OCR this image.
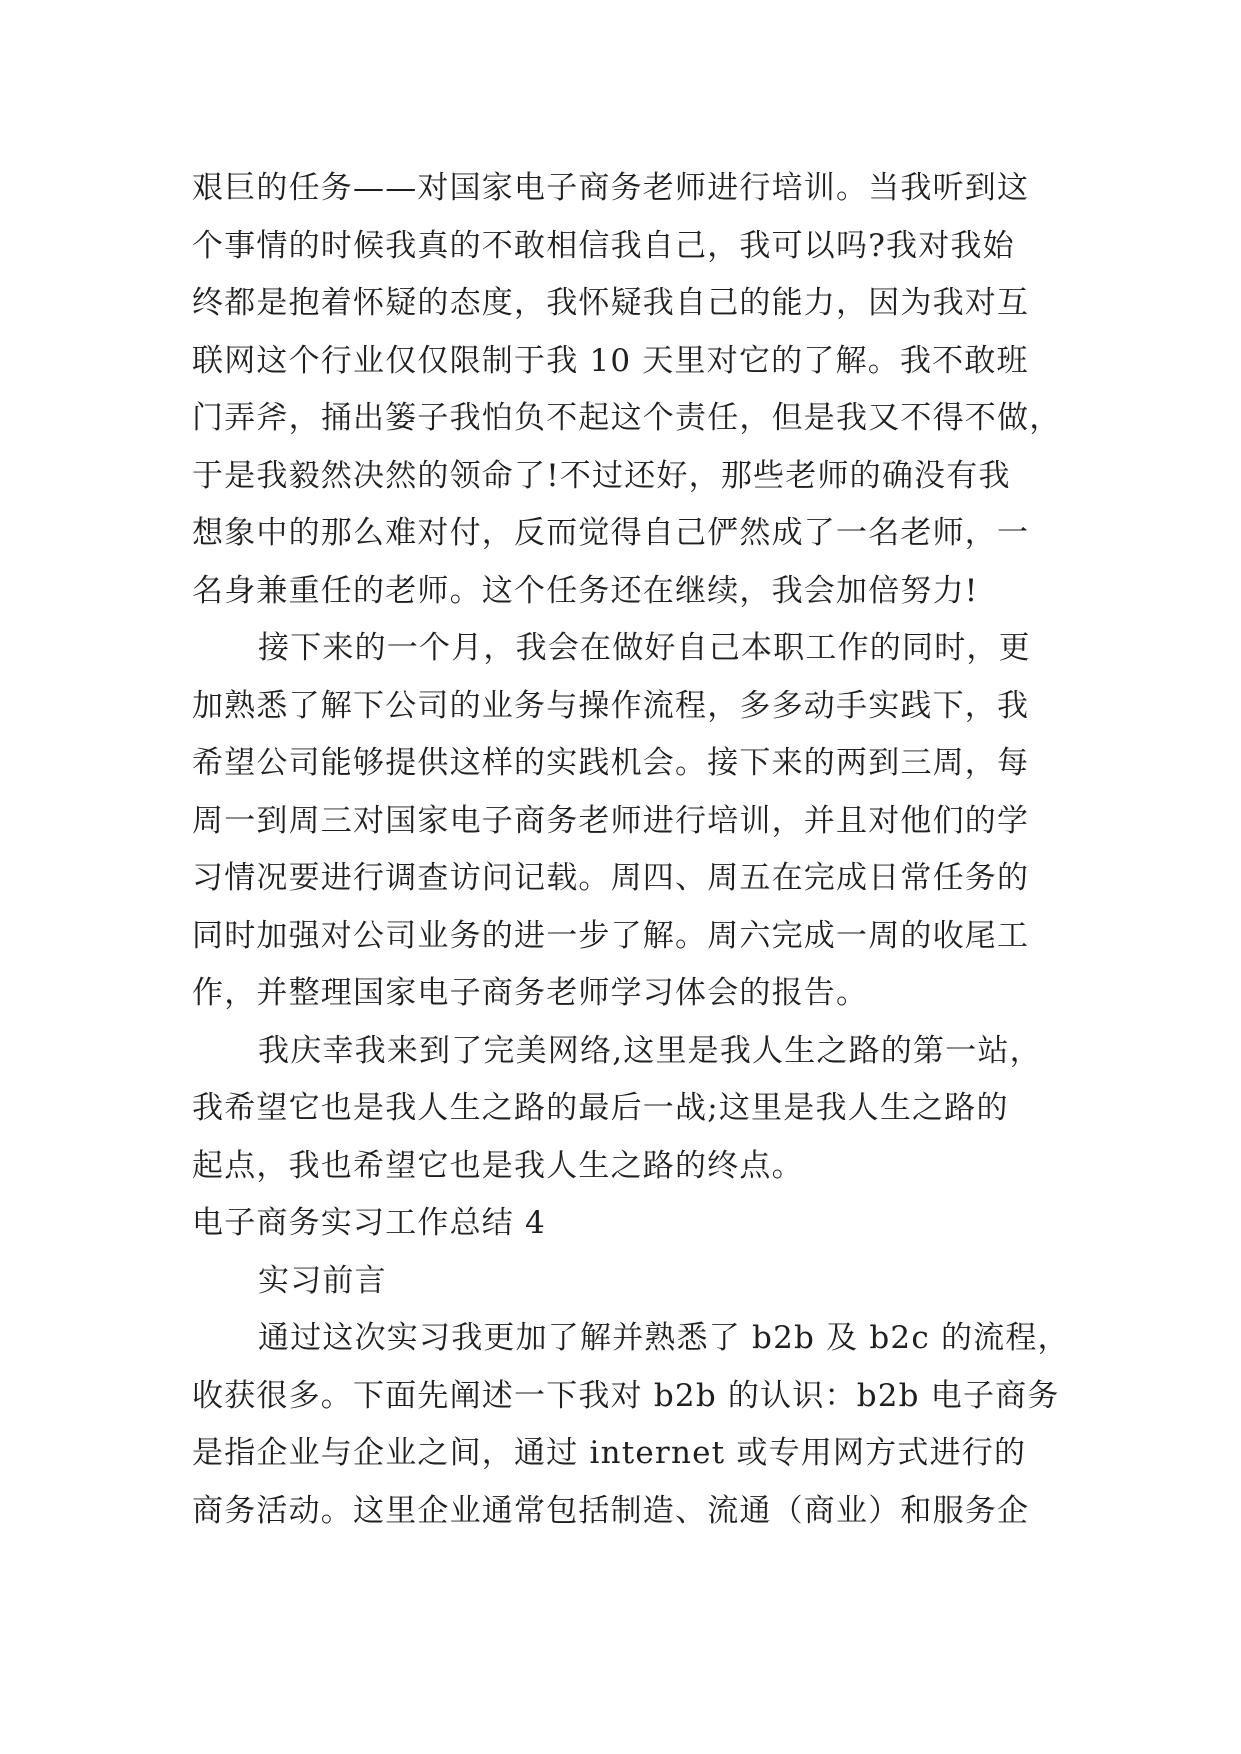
艰巨的任务——对国家电子商务老师进行培训。当我听到这
个事情的时候我真的不敢相信我自己，我可以吗?我对我始
终都是抱着怀疑的态度，我怀疑我自己的能力，因为我对互
联网这个行业仅仅限制于我 10 天里对它的了解。我不敢班
门弄斧，捅出篓子我怕负不起这个责任，但是我又不得不做，
于是我毅然决然的领命了!不过还好，那些老师的确没有我
想象中的那么难对付，反而觉得自己俨然成了一名老师，一
名身兼重任的老师。这个任务还在继续，我会加倍努力!
接下来的一个月，我会在做好自己本职工作的同时，更
加熟悉了解下公司的业务与操作流程，多多动手实践下，我
希望公司能够提供这样的实践机会。接下来的两到三周，每
周一到周三对国家电子商务老师进行培训，并且对他们的学
习情况要进行调查访问记载。周四、周五在完成日常任务的
同时加强对公司业务的进一步了解。周六完成一周的收尾工
作，并整理国家电子商务老师学习体会的报告。
我庆幸我来到了完美网络,这里是我人生之路的第一站，
我希望它也是我人生之路的最后一战;这里是我人生之路的
起点，我也希望它也是我人生之路的终点。
电子商务实习工作总结 4
实习前言
通过这次实习我更加了解并熟悉了 b2b 及 b2c 的流程，
收获很多。下面先阐述一下我对 b2b 的认识：b2b 电子商务
是指企业与企业之间，通过 internet 或专用网方式进行的
商务活动。这里企业通常包括制造、流通（商业）和服务企
